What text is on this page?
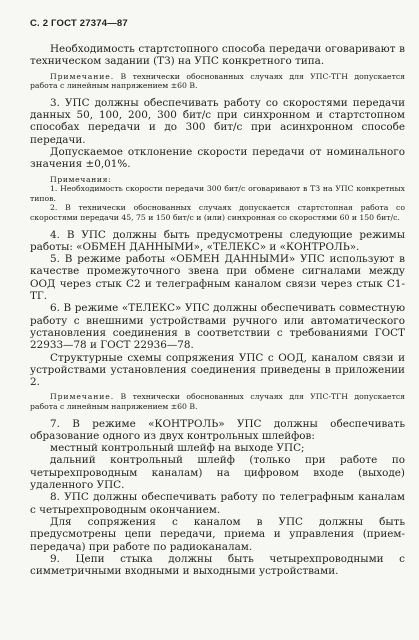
С. 2 ГОСТ 27374—87

Необходимость стартстопного способа передачи оговаривают в техническом задании (ТЗ) на УПС конкретного типа.

Примечание. В технически обоснованных случаях для УПС-ТГН допускается работа с линейным напряжением ±60 В.

3. УПС должны обеспечивать работу со скоростями передачи данных 50, 100, 200, 300 бит/с при синхронном и стартстопном способах передачи и до 300 бит/с при асинхронном способе передачи.

Допускаемое отклонение скорости передачи от номинального значения ±0,01%.

Примечания:

1. Необходимость скорости передачи 300 бит/с оговаривают в ТЗ на УПС конкретных типов.

2. В технически обоснованных случаях допускается стартстопная работа со скоростями передачи 45, 75 и 150 бит/с и (или) синхронная со скоростями 60 и 150 бит/с.

4. В УПС должны быть предусмотрены следующие режимы работы: «ОБМЕН ДАННЫМИ», «ТЕЛЕКС» и «КОНТРОЛЬ».

5. В режиме работы «ОБМЕН ДАННЫМИ» УПС используют в качестве промежуточного звена при обмене сигналами между ООД через стык С2 и телеграфным каналом связи через стык С1-ТГ.

6. В режиме «ТЕЛЕКС» УПС должны обеспечивать совместную работу с внешними устройствами ручного или автоматического установления соединения в соответствии с требованиями ГОСТ 22933—78 и ГОСТ 22936—78.

Структурные схемы сопряжения УПС с ООД, каналом связи и устройствами установления соединения приведены в приложении 2.

Примечание. В технически обоснованных случаях для УПС-ТГН допускается работа с линейным напряжением ±60 В.

7. В режиме «КОНТРОЛЬ» УПС должны обеспечивать образование одного из двух контрольных шлейфов:

местный контрольный шлейф на выходе УПС;

дальний контрольный шлейф (только при работе по четырехпроводным каналам) на цифровом входе (выходе) удаленного УПС.

8. УПС должны обеспечивать работу по телеграфным каналам с четырехпроводным окончанием.

Для сопряжения с каналом в УПС должны быть предусмотрены цепи передачи, приема и управления (прием-передача) при работе по радиоканалам.

9. Цепи стыка должны быть четырехпроводными с симметричными входными и выходными устройствами.
